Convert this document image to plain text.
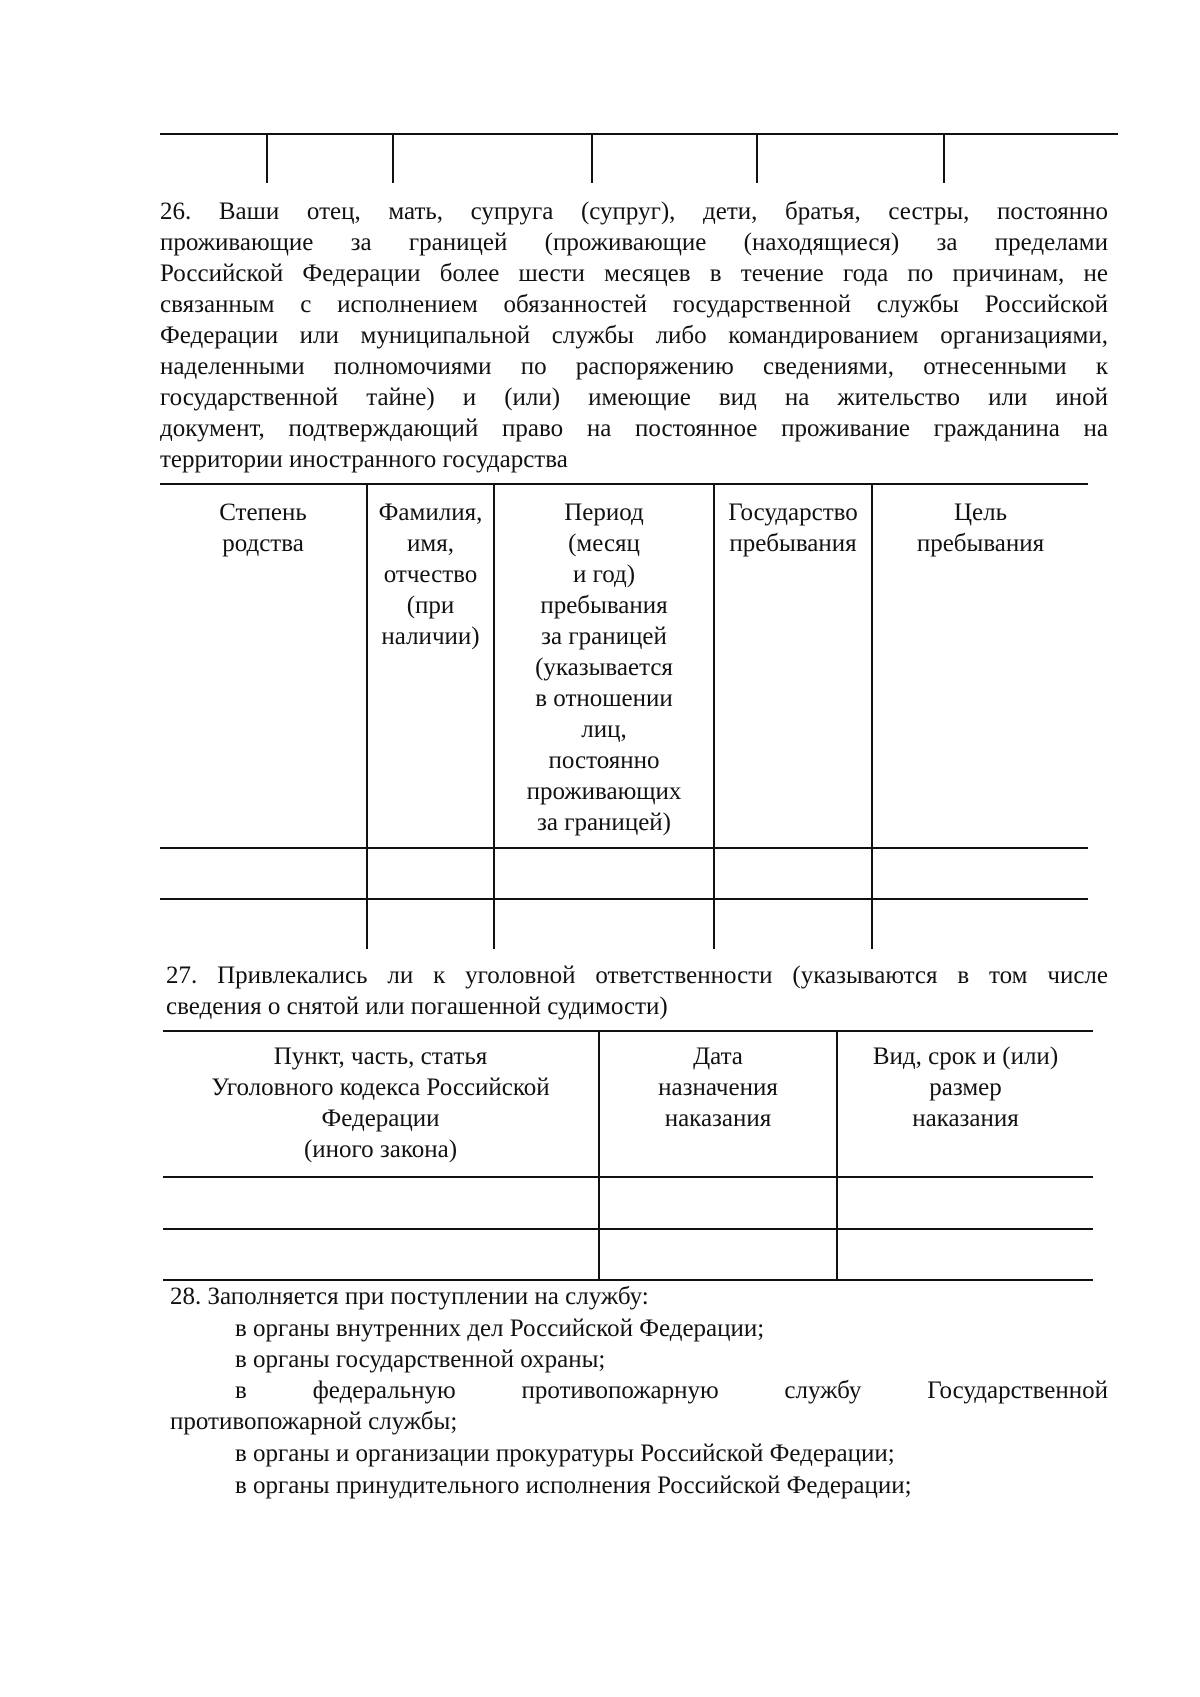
26. Ваши отец, мать, супруга (супруг), дети, братья, сестры, постоянно

проживающие за границей (проживающие (находящиеся) за пределами

Российской Федерации более шести месяцев в течение года по причинам, не

связанным с исполнением обязанностей государственной службы Российской

Федерации или муниципальной службы либо командированием организациями,

наделенными полномочиями по распоряжению сведениями, отнесенными к

государственной тайне) и (или) имеющие вид на жительство или иной

документ, подтверждающий право на постоянное проживание гражданина на

территории иностранного государства

Степень
родства
Фамилия,
имя,
отчество
(при
наличии)
Период
(месяц
и год)
пребывания
за границей
(указывается
в отношении
лиц,
постоянно
проживающих
за границей)
Государство
пребывания
Цель
пребывания

27. Привлекались ли к уголовной ответственности (указываются в том числе

сведения о снятой или погашенной судимости)

Пункт, часть, статья
Уголовного кодекса Российской
Федерации
(иного закона)
Дата
назначения
наказания
Вид, срок и (или)
размер
наказания

28. Заполняется при поступлении на службу:

в органы внутренних дел Российской Федерации;

в органы государственной охраны;

в федеральную противопожарную службу Государственной

противопожарной службы;

в органы и организации прокуратуры Российской Федерации;

в органы принудительного исполнения Российской Федерации;
